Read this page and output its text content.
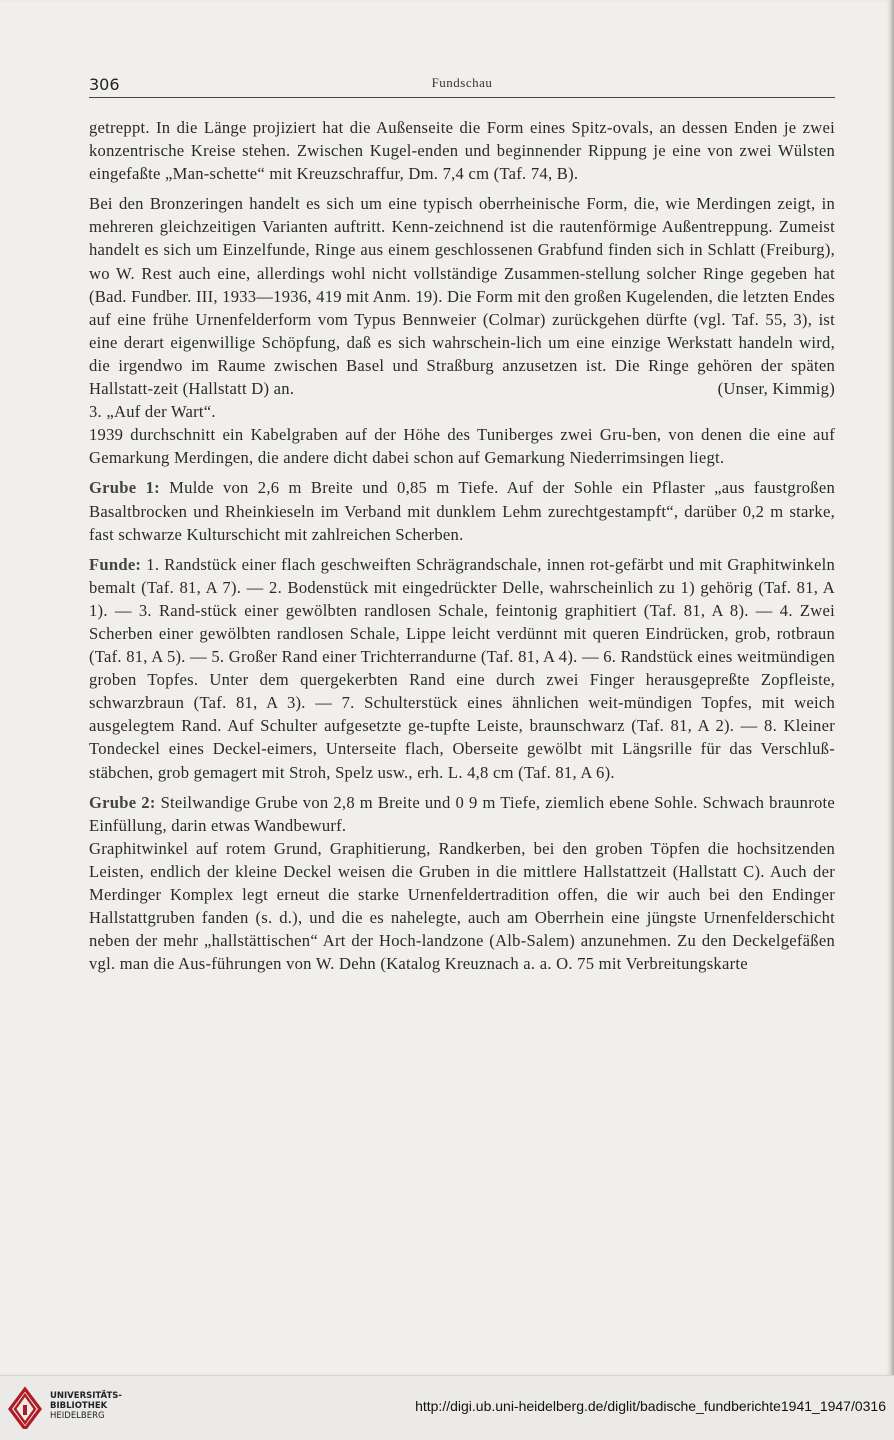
306	Fundschau

getreppt. In die Länge projiziert hat die Außenseite die Form eines Spitz-ovals, an dessen Enden je zwei konzentrische Kreise stehen. Zwischen Kugel-enden und beginnender Rippung je eine von zwei Wülsten eingefaßte „Man-schette“ mit Kreuzschraffur, Dm. 7,4 cm (Taf. 74, B).

Bei den Bronzeringen handelt es sich um eine typisch oberrheinische Form, die, wie Merdingen zeigt, in mehreren gleichzeitigen Varianten auftritt. Kenn-zeichnend ist die rautenförmige Außentreppung. Zumeist handelt es sich um Einzelfunde, Ringe aus einem geschlossenen Grabfund finden sich in Schlatt (Freiburg), wo W. Rest auch eine, allerdings wohl nicht vollständige Zusammen-stellung solcher Ringe gegeben hat (Bad. Fundber. III, 1933—1936, 419 mit Anm. 19). Die Form mit den großen Kugelenden, die letzten Endes auf eine frühe Urnenfelderform vom Typus Bennweier (Colmar) zurückgehen dürfte (vgl. Taf. 55, 3), ist eine derart eigenwillige Schöpfung, daß es sich wahrschein-lich um eine einzige Werkstatt handeln wird, die irgendwo im Raume zwischen Basel und Straßburg anzusetzen ist. Die Ringe gehören der späten Hallstatt-zeit (Hallstatt D) an.	(Unser, Kimmig)

3. „Auf der Wart“.

1939 durchschnitt ein Kabelgraben auf der Höhe des Tuniberges zwei Gru-ben, von denen die eine auf Gemarkung Merdingen, die andere dicht dabei schon auf Gemarkung Niederrimsingen liegt.

Grube 1: Mulde von 2,6 m Breite und 0,85 m Tiefe. Auf der Sohle ein Pflaster „aus faustgroßen Basaltbrocken und Rheinkieseln im Verband mit dunklem Lehm zurechtgestampft“, darüber 0,2 m starke, fast schwarze Kulturschicht mit zahlreichen Scherben.

Funde: 1. Randstück einer flach geschweiften Schrägrandschale, innen rot-gefärbt und mit Graphitwinkeln bemalt (Taf. 81, A 7). — 2. Bodenstück mit eingedrückter Delle, wahrscheinlich zu 1) gehörig (Taf. 81, A 1). — 3. Rand-stück einer gewölbten randlosen Schale, feintonig graphitiert (Taf. 81, A 8). — 4. Zwei Scherben einer gewölbten randlosen Schale, Lippe leicht verdünnt mit queren Eindrücken, grob, rotbraun (Taf. 81, A 5). — 5. Großer Rand einer Trichterrandurne (Taf. 81, A 4). — 6. Randstück eines weitmündigen groben Topfes. Unter dem quergekerbten Rand eine durch zwei Finger herausgepreßte Zopfleiste, schwarzbraun (Taf. 81, A 3). — 7. Schulterstück eines ähnlichen weit-mündigen Topfes, mit weich ausgelegtem Rand. Auf Schulter aufgesetzte ge-tupfte Leiste, braunschwarz (Taf. 81, A 2). — 8. Kleiner Tondeckel eines Deckel-eimers, Unterseite flach, Oberseite gewölbt mit Längsrille für das Verschluß-stäbchen, grob gemagert mit Stroh, Spelz usw., erh. L. 4,8 cm (Taf. 81, A 6).

Grube 2: Steilwandige Grube von 2,8 m Breite und 0 9 m Tiefe, ziemlich ebene Sohle. Schwach braunrote Einfüllung, darin etwas Wandbewurf.

Graphitwinkel auf rotem Grund, Graphitierung, Randkerben, bei den groben Töpfen die hochsitzenden Leisten, endlich der kleine Deckel weisen die Gruben in die mittlere Hallstattzeit (Hallstatt C). Auch der Merdinger Komplex legt erneut die starke Urnenfeldertradition offen, die wir auch bei den Endinger Hallstattgruben fanden (s. d.), und die es nahelegte, auch am Oberrhein eine jüngste Urnenfelderschicht neben der mehr „hallstättischen“ Art der Hoch-landzone (Alb-Salem) anzunehmen. Zu den Deckelgefäßen vgl. man die Aus-führungen von W. Dehn (Katalog Kreuznach a. a. O. 75 mit Verbreitungskarte

UNIVERSITÄTS-
BIBLIOTHEK
HEIDELBERG
http://digi.ub.uni-heidelberg.de/diglit/badische_fundberichte1941_1947/0316
